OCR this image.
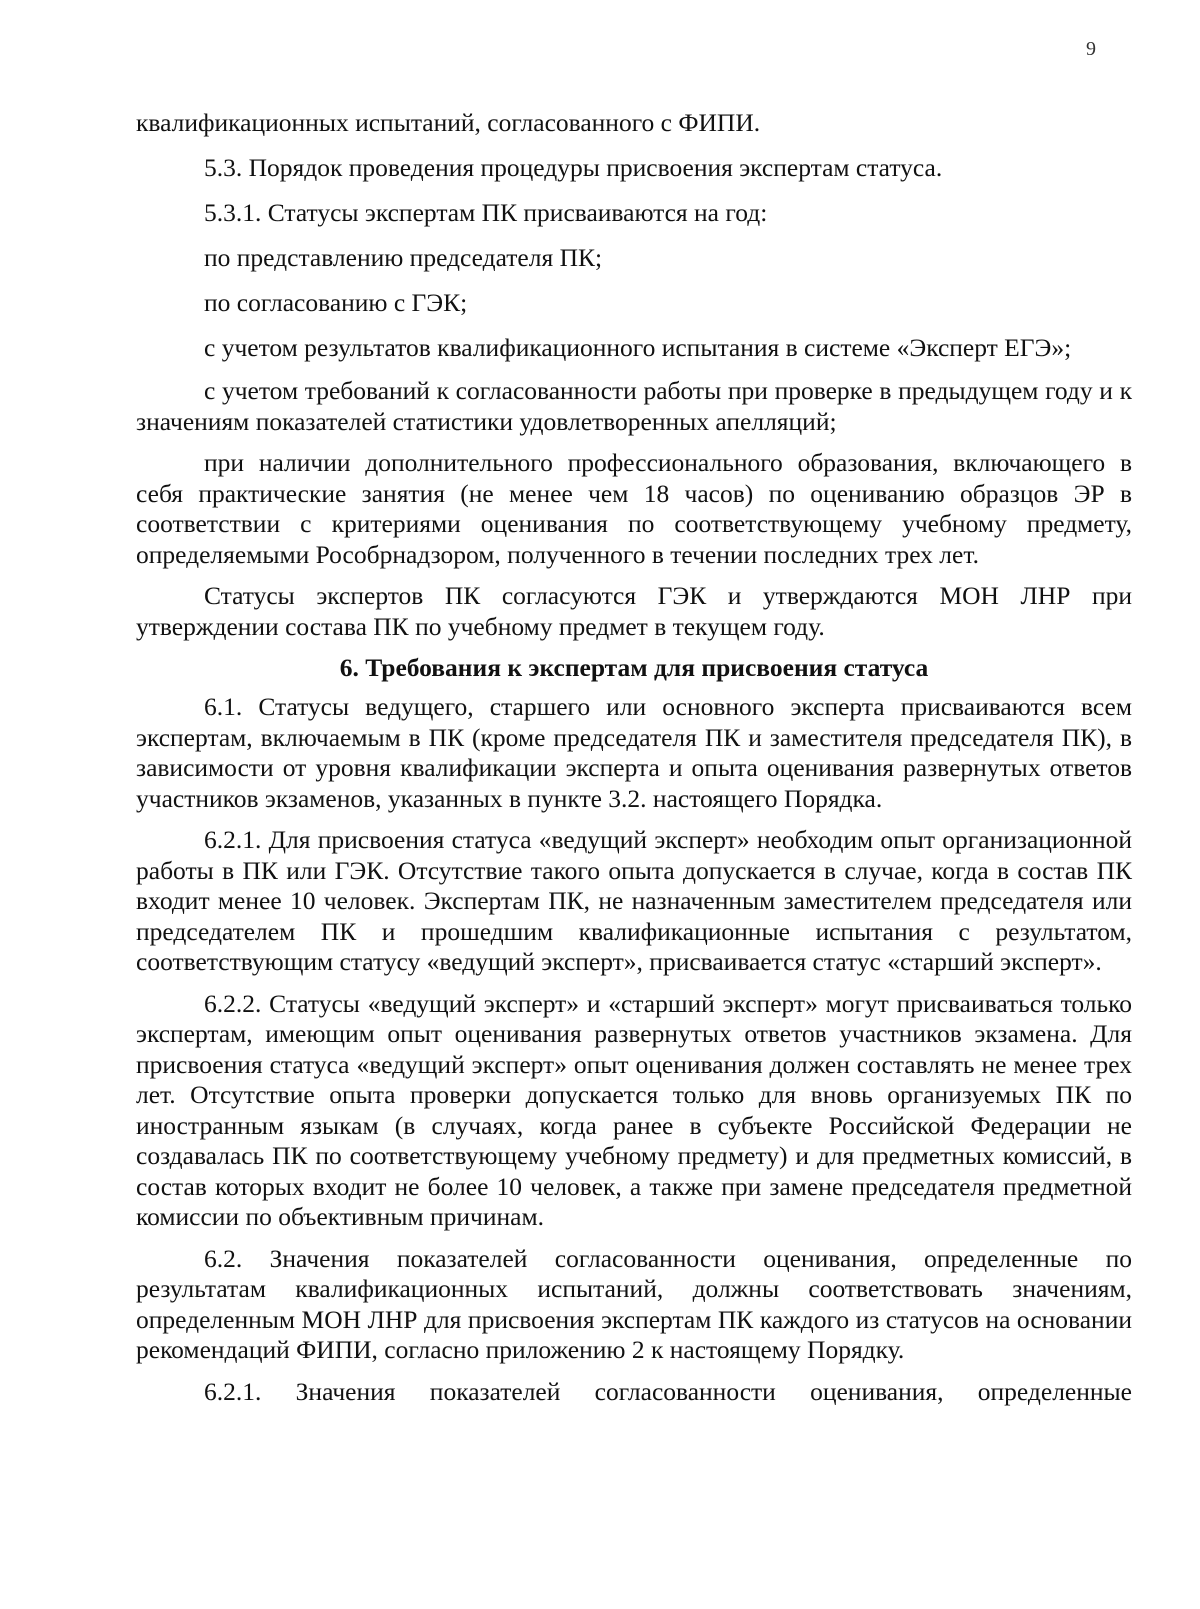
9

квалификационных испытаний, согласованного с ФИПИ.

5.3. Порядок проведения процедуры присвоения экспертам статуса.

5.3.1. Статусы экспертам ПК присваиваются на год:

по представлению председателя ПК;

по согласованию с ГЭК;

с учетом результатов квалификационного испытания в системе «Эксперт ЕГЭ»;

с учетом требований к согласованности работы при проверке в предыдущем году и к значениям показателей статистики удовлетворенных апелляций;

при наличии дополнительного профессионального образования, включающего в себя практические занятия (не менее чем 18 часов) по оцениванию образцов ЭР в соответствии с критериями оценивания по соответствующему учебному предмету, определяемыми Рособрнадзором, полученного в течении последних трех лет.

Статусы экспертов ПК согласуются ГЭК и утверждаются МОН ЛНР при утверждении состава ПК по учебному предмет в текущем году.

6. Требования к экспертам для присвоения статуса

6.1. Статусы ведущего, старшего или основного эксперта присваиваются всем экспертам, включаемым в ПК (кроме председателя ПК и заместителя председателя ПК), в зависимости от уровня квалификации эксперта и опыта оценивания развернутых ответов участников экзаменов, указанных в пункте 3.2. настоящего Порядка.

6.2.1. Для присвоения статуса «ведущий эксперт» необходим опыт организационной работы в ПК или ГЭК. Отсутствие такого опыта допускается в случае, когда в состав ПК входит менее 10 человек. Экспертам ПК, не назначенным заместителем председателя или председателем ПК и прошедшим квалификационные испытания с результатом, соответствующим статусу «ведущий эксперт», присваивается статус «старший эксперт».

6.2.2. Статусы «ведущий эксперт» и «старший эксперт» могут присваиваться только экспертам, имеющим опыт оценивания развернутых ответов участников экзамена. Для присвоения статуса «ведущий эксперт» опыт оценивания должен составлять не менее трех лет. Отсутствие опыта проверки допускается только для вновь организуемых ПК по иностранным языкам (в случаях, когда ранее в субъекте Российской Федерации не создавалась ПК по соответствующему учебному предмету) и для предметных комиссий, в состав которых входит не более 10 человек, а также при замене председателя предметной комиссии по объективным причинам.

6.2. Значения показателей согласованности оценивания, определенные по результатам квалификационных испытаний, должны соответствовать значениям, определенным МОН ЛНР для присвоения экспертам ПК каждого из статусов на основании рекомендаций ФИПИ, согласно приложению 2 к настоящему Порядку.

6.2.1. Значения показателей согласованности оценивания, определенные
